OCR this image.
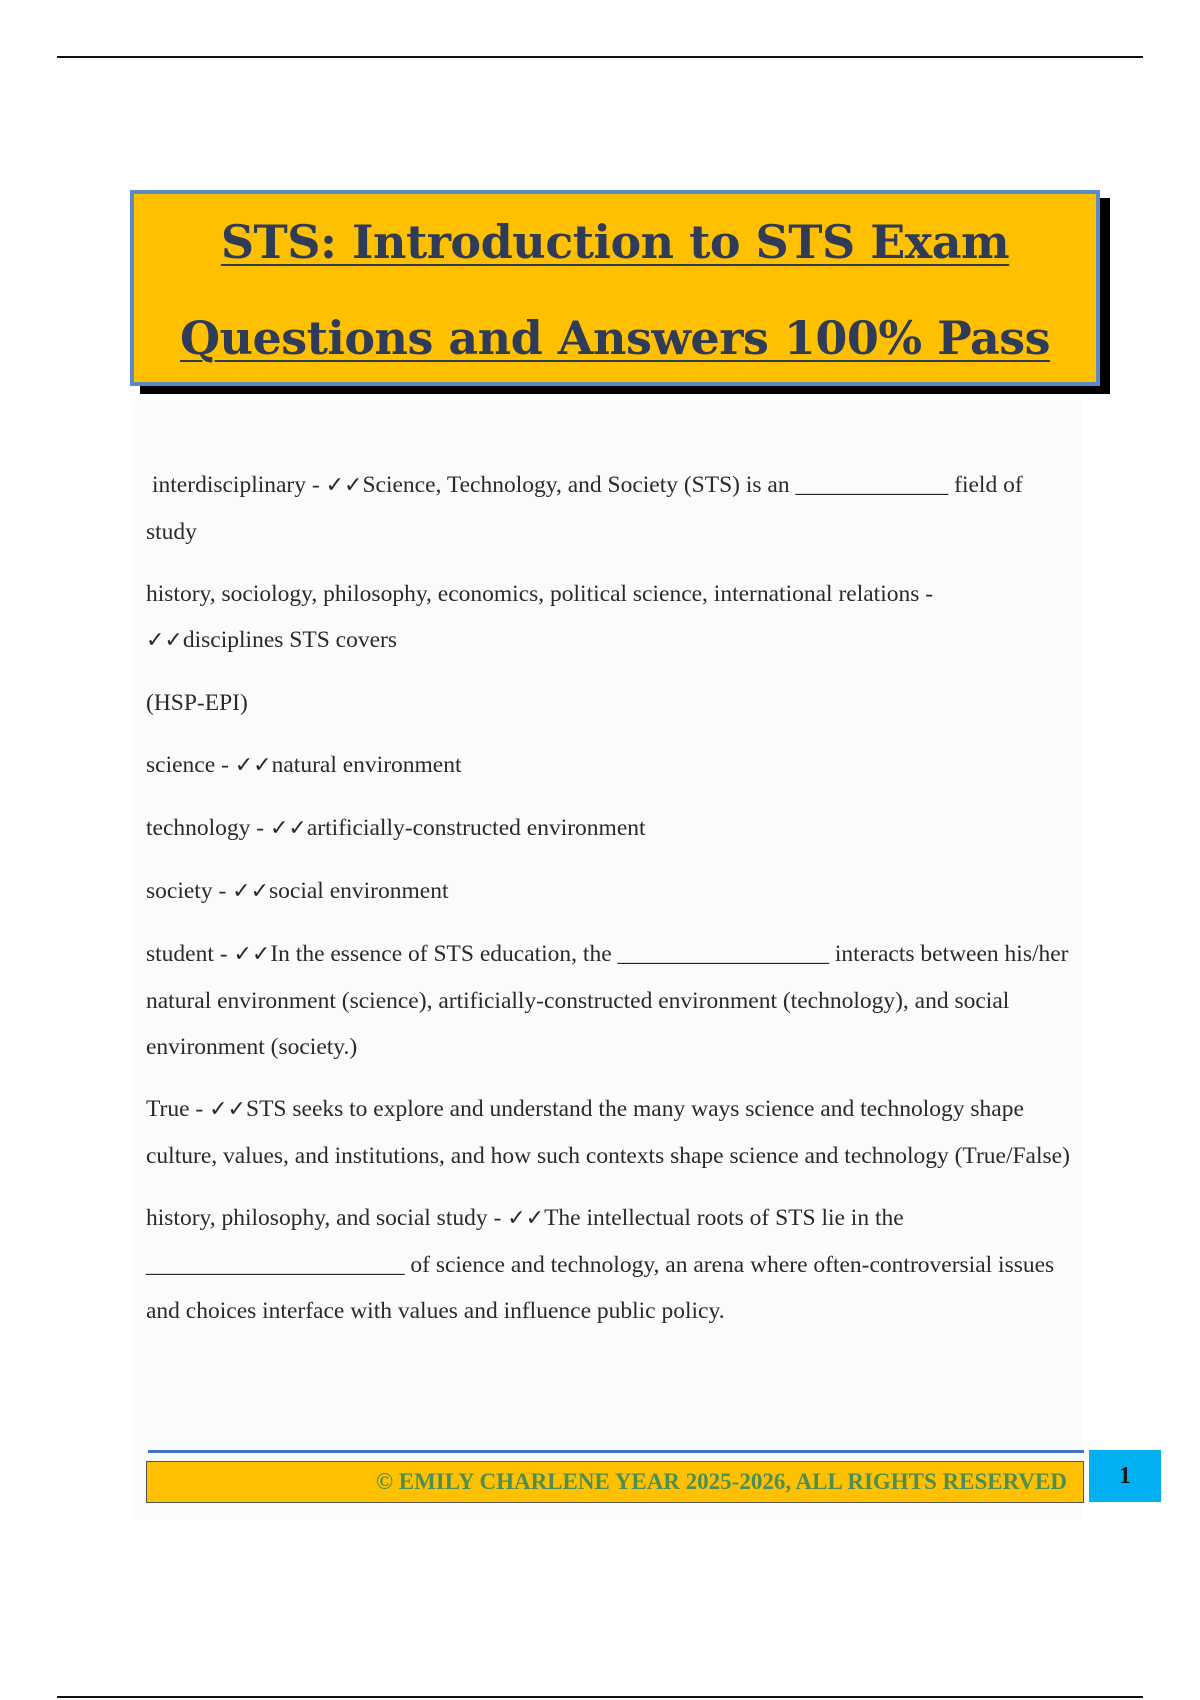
STS: Introduction to STS Exam
Questions and Answers 100% Pass

interdisciplinary - ✓✓Science, Technology, and Society (STS) is an _____________ field of study

history, sociology, philosophy, economics, political science, international relations - ✓✓disciplines STS covers

(HSP-EPI)

science - ✓✓natural environment

technology - ✓✓artificially-constructed environment

society - ✓✓social environment

student - ✓✓In the essence of STS education, the __________________ interacts between his/her natural environment (science), artificially-constructed environment (technology), and social environment (society.)

True - ✓✓STS seeks to explore and understand the many ways science and technology shape culture, values, and institutions, and how such contexts shape science and technology (True/False)

history, philosophy, and social study - ✓✓The intellectual roots of STS lie in the ______________________ of science and technology, an arena where often-controversial issues and choices interface with values and influence public policy.

© EMILY CHARLENE YEAR 2025-2026, ALL RIGHTS RESERVED	1
